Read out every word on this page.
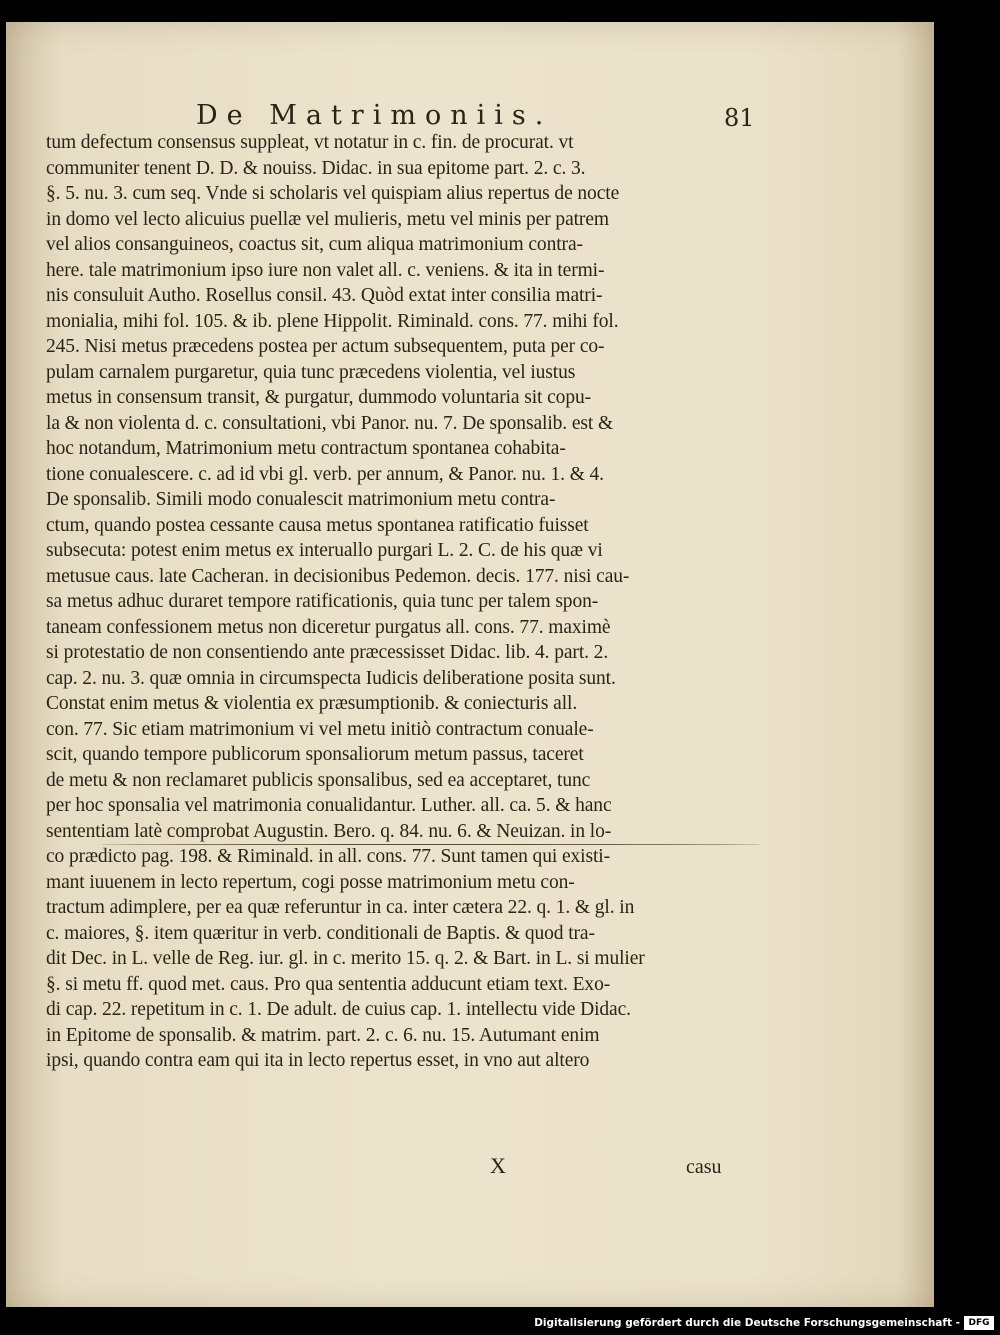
De Matrimoniis.	81
tum defectum consensus suppleat, vt notatur in c. fin. de procurat. vt
communiter tenent D. D. & nouiss. Didac. in sua epitome part. 2. c. 3.
§. 5. nu. 3. cum seq. Vnde si scholaris vel quispiam alius repertus de nocte
in domo vel lecto alicuius puellæ vel mulieris, metu vel minis per patrem
vel alios consanguineos, coactus sit, cum aliqua matrimonium contra-
here. tale matrimonium ipso iure non valet all. c. veniens. & ita in termi-
nis consuluit Autho. Rosellus consil. 43. Quòd extat inter consilia matri-
monialia, mihi fol. 105. & ib. plene Hippolit. Riminald. cons. 77. mihi fol.
245. Nisi metus præcedens postea per actum subsequentem, puta per co-
pulam carnalem purgaretur, quia tunc præcedens violentia, vel iustus
metus in consensum transit, & purgatur, dummodo voluntaria sit copu-
la & non violenta d. c. consultationi, vbi Panor. nu. 7. De sponsalib. est &
hoc notandum, Matrimonium metu contractum spontanea cohabita-
tione conualescere. c. ad id vbi gl. verb. per annum, & Panor. nu. 1. & 4.
De sponsalib. Simili modo conualescit matrimonium metu contra-
ctum, quando postea cessante causa metus spontanea ratificatio fuisset
subsecuta: potest enim metus ex interuallo purgari L. 2. C. de his quæ vi
metusue caus. late Cacheran. in decisionibus Pedemon. decis. 177. nisi cau-
sa metus adhuc duraret tempore ratificationis, quia tunc per talem spon-
taneam confessionem metus non diceretur purgatus all. cons. 77. maximè
si protestatio de non consentiendo ante præcessisset Didac. lib. 4. part. 2.
cap. 2. nu. 3. quæ omnia in circumspecta Iudicis deliberatione posita sunt.
Constat enim metus & violentia ex præsumptionib. & coniecturis all.
con. 77. Sic etiam matrimonium vi vel metu initiò contractum conuale-
scit, quando tempore publicorum sponsaliorum metum passus, taceret
de metu & non reclamaret publicis sponsalibus, sed ea acceptaret, tunc
per hoc sponsalia vel matrimonia conualidantur. Luther. all. ca. 5. & hanc
sententiam latè comprobat Augustin. Bero. q. 84. nu. 6. & Neuizan. in lo-
co prædicto pag. 198. & Riminald. in all. cons. 77. Sunt tamen qui existi-
mant iuuenem in lecto repertum, cogi posse matrimonium metu con-
tractum adimplere, per ea quæ referuntur in ca. inter cætera 22. q. 1. & gl. in
c. maiores, §. item quæritur in verb. conditionali de Baptis. & quod tra-
dit Dec. in L. velle de Reg. iur. gl. in c. merito 15. q. 2. & Bart. in L. si mulier
§. si metu ff. quod met. caus. Pro qua sententia adducunt etiam text. Exo-
di cap. 22. repetitum in c. 1. De adult. de cuius cap. 1. intellectu vide Didac.
in Epitome de sponsalib. & matrim. part. 2. c. 6. nu. 15. Autumant enim
ipsi, quando contra eam qui ita in lecto repertus esset, in vno aut altero
X	casu
Digitalisierung gefördert durch die Deutsche Forschungsgemeinschaft - DFG
